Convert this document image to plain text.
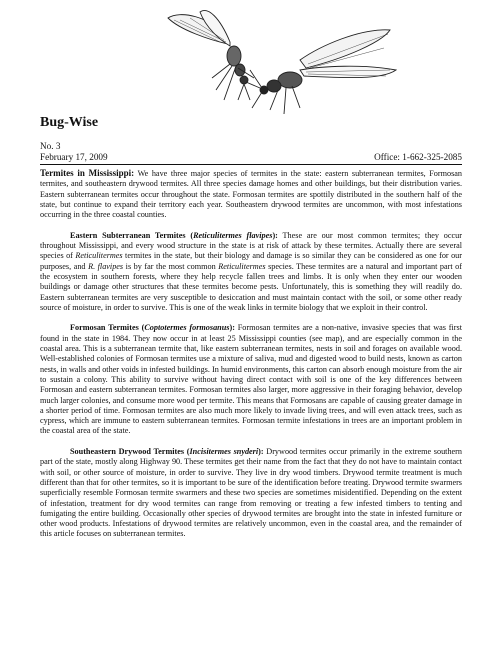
Bug-Wise
No. 3
February 17, 2009	Office: 1-662-325-2085

Termites in Mississippi: We have three major species of termites in the state: eastern subterranean termites, Formosan termites, and southeastern drywood termites. All three species damage homes and other buildings, but their distribution varies. Eastern subterranean termites occur throughout the state. Formosan termites are spottily distributed in the southern half of the state, but continue to expand their territory each year. Southeastern drywood termites are uncommon, with most infestations occurring in the three coastal counties.

Eastern Subterranean Termites (Reticulitermes flavipes): These are our most common termites; they occur throughout Mississippi, and every wood structure in the state is at risk of attack by these termites. Actually there are several species of Reticulitermes termites in the state, but their biology and damage is so similar they can be considered as one for our purposes, and R. flavipes is by far the most common Reticulitermes species. These termites are a natural and important part of the ecosystem in southern forests, where they help recycle fallen trees and limbs. It is only when they enter our wooden buildings or damage other structures that these termites become pests. Unfortunately, this is something they will readily do. Eastern subterranean termites are very susceptible to desiccation and must maintain contact with the soil, or some other ready source of moisture, in order to survive. This is one of the weak links in termite biology that we exploit in their control.

Formosan Termites (Coptotermes formosanus): Formosan termites are a non-native, invasive species that was first found in the state in 1984. They now occur in at least 25 Mississippi counties (see map), and are especially common in the coastal area. This is a subterranean termite that, like eastern subterranean termites, nests in soil and forages on available wood. Well-established colonies of Formosan termites use a mixture of saliva, mud and digested wood to build nests, known as carton nests, in walls and other voids in infested buildings. In humid environments, this carton can absorb enough moisture from the air to sustain a colony. This ability to survive without having direct contact with soil is one of the key differences between Formosan and eastern subterranean termites. Formosan termites also larger, more aggressive in their foraging behavior, develop much larger colonies, and consume more wood per termite. This means that Formosans are capable of causing greater damage in a shorter period of time. Formosan termites are also much more likely to invade living trees, and will even attack trees, such as cypress, which are immune to eastern subterranean termites. Formosan termite infestations in trees are an important problem in the coastal area of the state.

Southeastern Drywood Termites (Incisitermes snyderi): Drywood termites occur primarily in the extreme southern part of the state, mostly along Highway 90. These termites get their name from the fact that they do not have to maintain contact with soil, or other source of moisture, in order to survive. They live in dry wood timbers. Drywood termite treatment is much different than that for other termites, so it is important to be sure of the identification before treating. Drywood termite swarmers superficially resemble Formosan termite swarmers and these two species are sometimes misidentified. Depending on the extent of infestation, treatment for dry wood termites can range from removing or treating a few infested timbers to tenting and fumigating the entire building. Occasionally other species of drywood termites are brought into the state in infested furniture or other wood products. Infestations of drywood termites are relatively uncommon, even in the coastal area, and the remainder of this article focuses on subterranean termites.
